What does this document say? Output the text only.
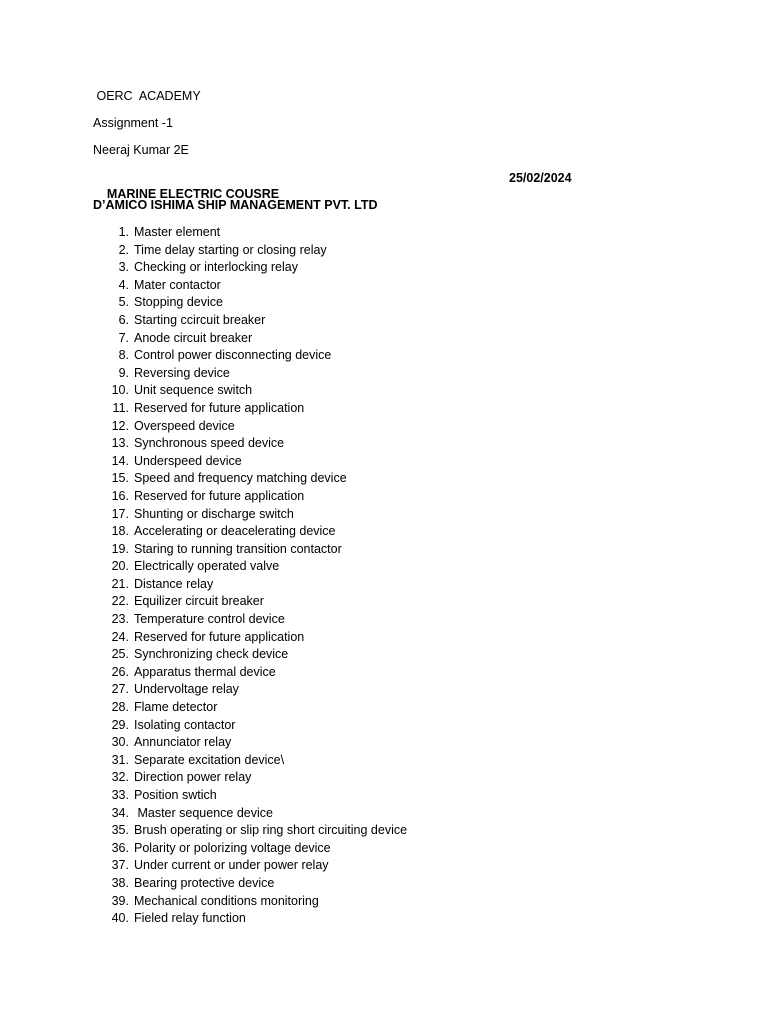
OERC  ACADEMY
Assignment -1
Neeraj Kumar 2E

MARINE ELECTRIC COUSRE

25/02/2024

D’AMICO ISHIMA SHIP MANAGEMENT PVT. LTD
1. Master element
2. Time delay starting or closing relay
3. Checking or interlocking relay
4. Mater contactor
5. Stopping device
6. Starting ccircuit breaker
7. Anode circuit breaker
8. Control power disconnecting device
9. Reversing device
10. Unit sequence switch
11. Reserved for future application
12. Overspeed device
13. Synchronous speed device
14. Underspeed device
15. Speed and frequency matching device
16. Reserved for future application
17. Shunting or discharge switch
18. Accelerating or deacelerating device
19. Staring to running transition contactor
20. Electrically operated valve
21. Distance relay
22. Equilizer circuit breaker
23. Temperature control device
24. Reserved for future application
25. Synchronizing check device
26. Apparatus thermal device
27. Undervoltage relay
28. Flame detector
29. Isolating contactor
30. Annunciator relay
31. Separate excitation device\
32. Direction power relay
33. Position swtich
34. Master sequence device
35. Brush operating or slip ring short circuiting device
36. Polarity or polorizing voltage device
37. Under current or under power relay
38. Bearing protective device
39. Mechanical conditions monitoring
40. Fieled relay function
